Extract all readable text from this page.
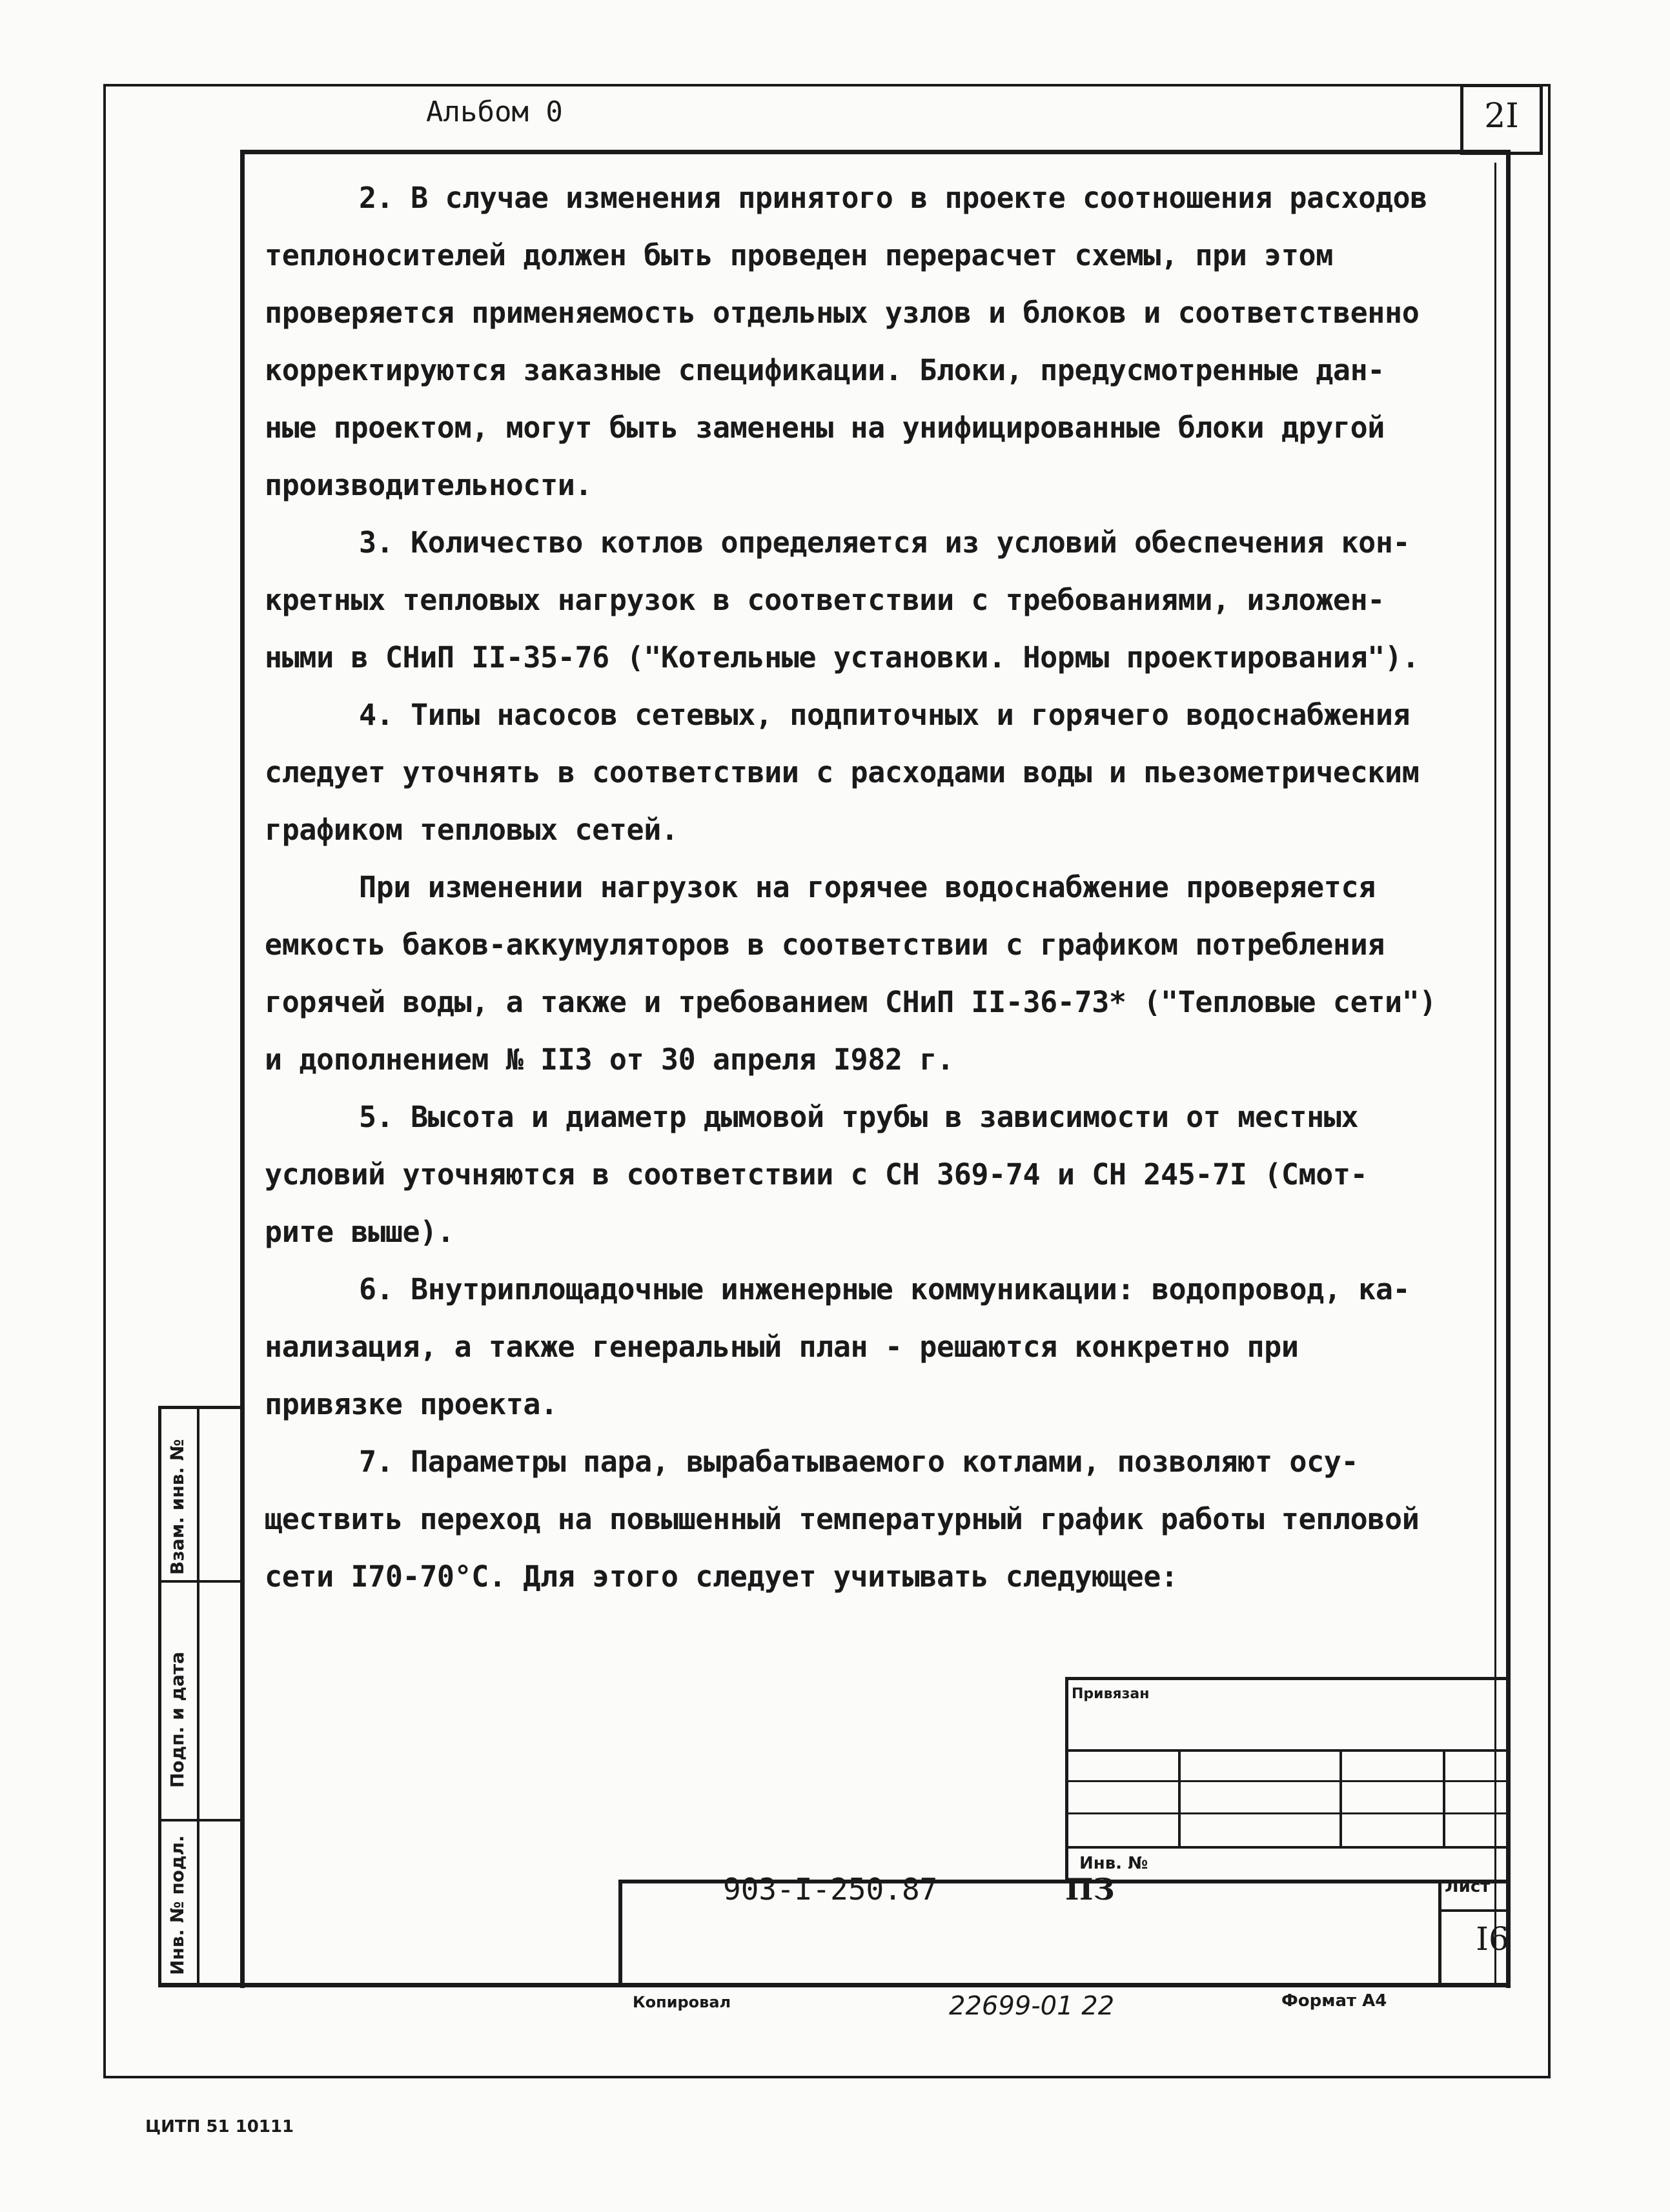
Альбом 0	2I
2. В случае изменения принятого в проекте соотношения расходов
теплоносителей должен быть проведен перерасчет схемы, при этом
проверяется применяемость отдельных узлов и блоков и соответственно
корректируются заказные спецификации. Блоки, предусмотренные дан-
ные проектом, могут быть заменены на унифицированные блоки другой
производительности.
3. Количество котлов определяется из условий обеспечения кон-
кретных тепловых нагрузок в соответствии с требованиями, изложен-
ными в СНиП II-35-76 ("Котельные установки. Нормы проектирования").
4. Типы насосов сетевых, подпиточных и горячего водоснабжения
следует уточнять в соответствии с расходами воды и пьезометрическим
графиком тепловых сетей.
При изменении нагрузок на горячее водоснабжение проверяется
емкость баков-аккумуляторов в соответствии с графиком потребления
горячей воды, а также и требованием СНиП II-36-73* ("Тепловые сети")
и дополнением № II3 от 30 апреля I982 г.
5. Высота и диаметр дымовой трубы в зависимости от местных
условий уточняются в соответствии с СН 369-74 и СН 245-7I (Смот-
рите выше).
6. Внутриплощадочные инженерные коммуникации: водопровод, ка-
нализация, а также генеральный план - решаются конкретно при
привязке проекта.
7. Параметры пара, вырабатываемого котлами, позволяют осу-
ществить переход на повышенный температурный график работы тепловой
сети I70-70°C. Для этого следует учитывать следующее:
Взам. инв. №
Подп. и дата
Инв. № подл.
Привязан
Инв. №
903-I-250.87	ПЗ	Лист
I6
Копировал	22699-01 22	Формат А4
ЦИТП 51 10111
